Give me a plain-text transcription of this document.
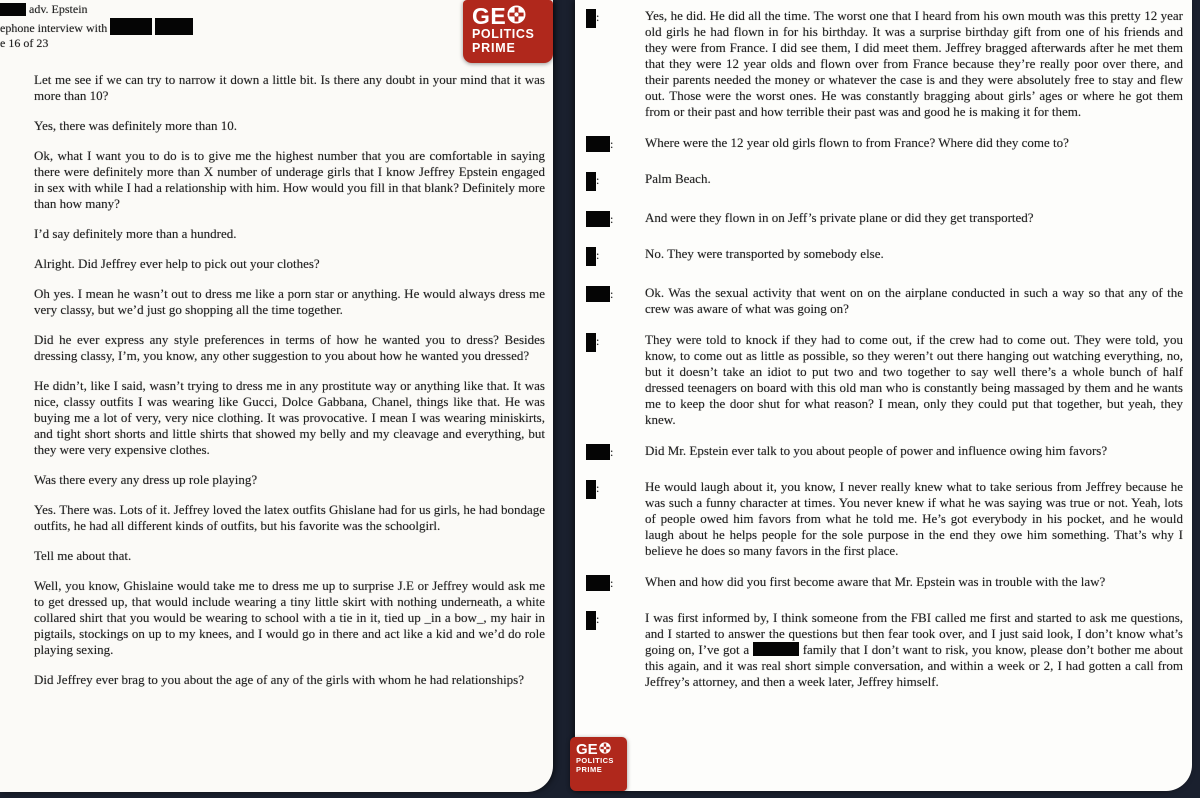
adv. Epstein
ephone interview with
e 16 of 23
GE
POLITICS
PRIME

Let me see if we can try to narrow it down a little bit. Is there any doubt in your mind that it was more than 10?

Yes, there was definitely more than 10.

Ok, what I want you to do is to give me the highest number that you are comfortable in saying there were definitely more than X number of underage girls that I know Jeffrey Epstein engaged in sex with while I had a relationship with him. How would you fill in that blank? Definitely more than how many?

I’d say definitely more than a hundred.

Alright. Did Jeffrey ever help to pick out your clothes?

Oh yes. I mean he wasn’t out to dress me like a porn star or anything. He would always dress me very classy, but we’d just go shopping all the time together.

Did he ever express any style preferences in terms of how he wanted you to dress? Besides dressing classy, I’m, you know, any other suggestion to you about how he wanted you dressed?

He didn’t, like I said, wasn’t trying to dress me in any prostitute way or anything like that. It was nice, classy outfits I was wearing like Gucci, Dolce Gabbana, Chanel, things like that. He was buying me a lot of very, very nice clothing. It was provocative. I mean I was wearing miniskirts, and tight short shorts and little shirts that showed my belly and my cleavage and everything, but they were very expensive clothes.

Was there every any dress up role playing?

Yes. There was. Lots of it. Jeffrey loved the latex outfits Ghislane had for us girls, he had bondage outfits, he had all different kinds of outfits, but his favorite was the schoolgirl.

Tell me about that.

Well, you know, Ghislaine would take me to dress me up to surprise J.E or Jeffrey would ask me to get dressed up, that would include wearing a tiny little skirt with nothing underneath, a white collared shirt that you would be wearing to school with a tie in it, tied up _in a bow_, my hair in pigtails, stockings on up to my knees, and I would go in there and act like a kid and we’d do role playing sexing.

Did Jeffrey ever brag to you about the age of any of the girls with whom he had relationships?

:	Yes, he did. He did all the time. The worst one that I heard from his own mouth was this pretty 12 year old girls he had flown in for his birthday. It was a surprise birthday gift from one of his friends and they were from France. I did see them, I did meet them. Jeffrey bragged afterwards after he met them that they were 12 year olds and flown over from France because they’re really poor over there, and their parents needed the money or whatever the case is and they were absolutely free to stay and flew out. Those were the worst ones. He was constantly bragging about girls’ ages or where he got them from or their past and how terrible their past was and good he is making it for them.
:	Where were the 12 year old girls flown to from France? Where did they come to?
:	Palm Beach.
:	And were they flown in on Jeff’s private plane or did they get transported?
:	No. They were transported by somebody else.
:	Ok. Was the sexual activity that went on on the airplane conducted in such a way so that any of the crew was aware of what was going on?
:	They were told to knock if they had to come out, if the crew had to come out. They were told, you know, to come out as little as possible, so they weren’t out there hanging out watching everything, no, but it doesn’t take an idiot to put two and two together to say well there’s a whole bunch of half dressed teenagers on board with this old man who is constantly being massaged by them and he wants me to keep the door shut for what reason? I mean, only they could put that together, but yeah, they knew.
:	Did Mr. Epstein ever talk to you about people of power and influence owing him favors?
:	He would laugh about it, you know, I never really knew what to take serious from Jeffrey because he was such a funny character at times. You never knew if what he was saying was true or not. Yeah, lots of people owed him favors from what he told me. He’s got everybody in his pocket, and he would laugh about he helps people for the sole purpose in the end they owe him something. That’s why I believe he does so many favors in the first place.
:	When and how did you first become aware that Mr. Epstein was in trouble with the law?
:	I was first informed by, I think someone from the FBI called me first and started to ask me questions, and I started to answer the questions but then fear took over, and I just said look, I don’t know what’s going on, I’ve got a	family that I don’t want to risk, you know, please don’t bother me about this again, and it was real short simple conversation, and within a week or 2, I had gotten a call from Jeffrey’s attorney, and then a week later, Jeffrey himself.
GE
POLITICS
PRIME
